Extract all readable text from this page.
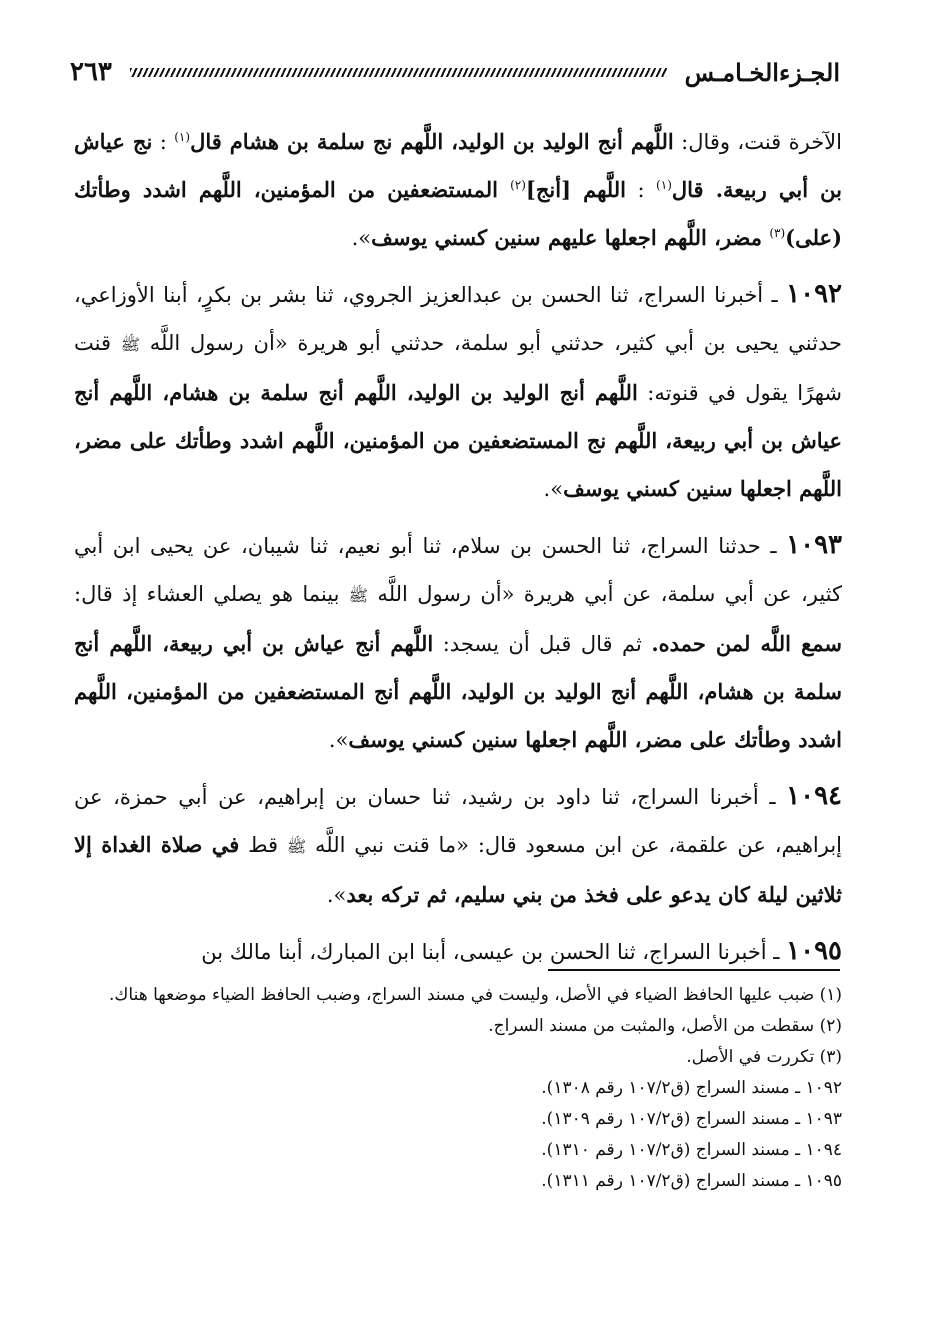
الجـزءالخـامـس
٢٦٣

الآخرة قنت، وقال: اللَّهم أنج الوليد بن الوليد، اللَّهم نج سلمة بن هشام قال$^{(١)}$ : نج عياش بن أبي ربيعة. قال$^{(١)}$ : اللَّهم [أنج]$^{(٢)}$ المستضعفين من المؤمنين، اللَّهم اشدد وطأتك (على)$^{(٣)}$ مضر، اللَّهم اجعلها عليهم سنين كسني يوسف».

١٠٩٢ ـ أخبرنا السراج، ثنا الحسن بن عبدالعزيز الجروي، ثنا بشر بن بكرٍ، أبنا الأوزاعي، حدثني يحيى بن أبي كثير، حدثني أبو سلمة، حدثني أبو هريرة «أن رسول اللَّه ﷺ قنت شهرًا يقول في قنوته: اللَّهم أنج الوليد بن الوليد، اللَّهم أنج سلمة بن هشام، اللَّهم أنج عياش بن أبي ربيعة، اللَّهم نج المستضعفين من المؤمنين، اللَّهم اشدد وطأتك على مضر، اللَّهم اجعلها سنين كسني يوسف».

١٠٩٣ ـ حدثنا السراج، ثنا الحسن بن سلام، ثنا أبو نعيم، ثنا شيبان، عن يحيى ابن أبي كثير، عن أبي سلمة، عن أبي هريرة «أن رسول اللَّه ﷺ بينما هو يصلي العشاء إذ قال: سمع اللَّه لمن حمده. ثم قال قبل أن يسجد: اللَّهم أنج عياش بن أبي ربيعة، اللَّهم أنج سلمة بن هشام، اللَّهم أنج الوليد بن الوليد، اللَّهم أنج المستضعفين من المؤمنين، اللَّهم اشدد وطأتك على مضر، اللَّهم اجعلها سنين كسني يوسف».

١٠٩٤ ـ أخبرنا السراج، ثنا داود بن رشيد، ثنا حسان بن إبراهيم، عن أبي حمزة، عن إبراهيم، عن علقمة، عن ابن مسعود قال: «ما قنت نبي اللَّه ﷺ قط في صلاة الغداة إلا ثلاثين ليلة كان يدعو على فخذ من بني سليم، ثم تركه بعد».

١٠٩٥ ـ أخبرنا السراج، ثنا الحسن بن عيسى، أبنا ابن المبارك، أبنا مالك بن

(١) ضبب عليها الحافظ الضياء في الأصل، وليست في مسند السراج، وضبب الحافظ الضياء موضعها هناك.

(٢) سقطت من الأصل، والمثبت من مسند السراج.

(٣) تكررت في الأصل.

١٠٩٢ ـ مسند السراج (ق١٠٧/٢ رقم ١٣٠٨).

١٠٩٣ ـ مسند السراج (ق١٠٧/٢ رقم ١٣٠٩).

١٠٩٤ ـ مسند السراج (ق١٠٧/٢ رقم ١٣١٠).

١٠٩٥ ـ مسند السراج (ق١٠٧/٢ رقم ١٣١١).
